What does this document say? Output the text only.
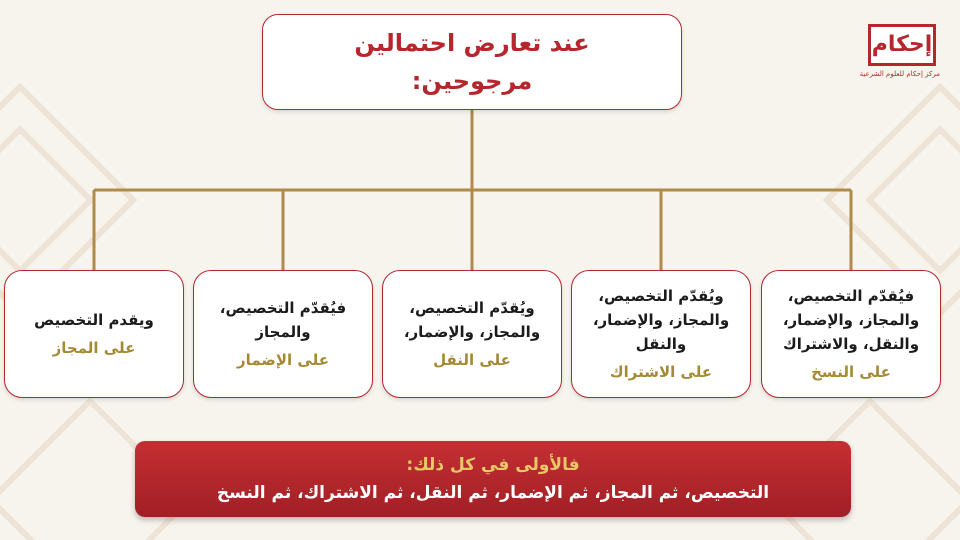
إحكام
مركز إحكام للعلوم الشرعية
عند تعارض احتمالين مرجوحين:
ويقدم التخصيص
على المجاز
فيُقدّم التخصيص، والمجاز
على الإضمار
ويُقدّم التخصيص، والمجاز، والإضمار،
على النقل
ويُقدّم التخصيص، والمجاز، والإضمار، والنقل
على الاشتراك
فيُقدّم التخصيص، والمجاز، والإضمار، والنقل، والاشتراك
على النسخ
فالأولى في كل ذلك:
التخصيص، ثم المجاز، ثم الإضمار، ثم النقل، ثم الاشتراك، ثم النسخ
